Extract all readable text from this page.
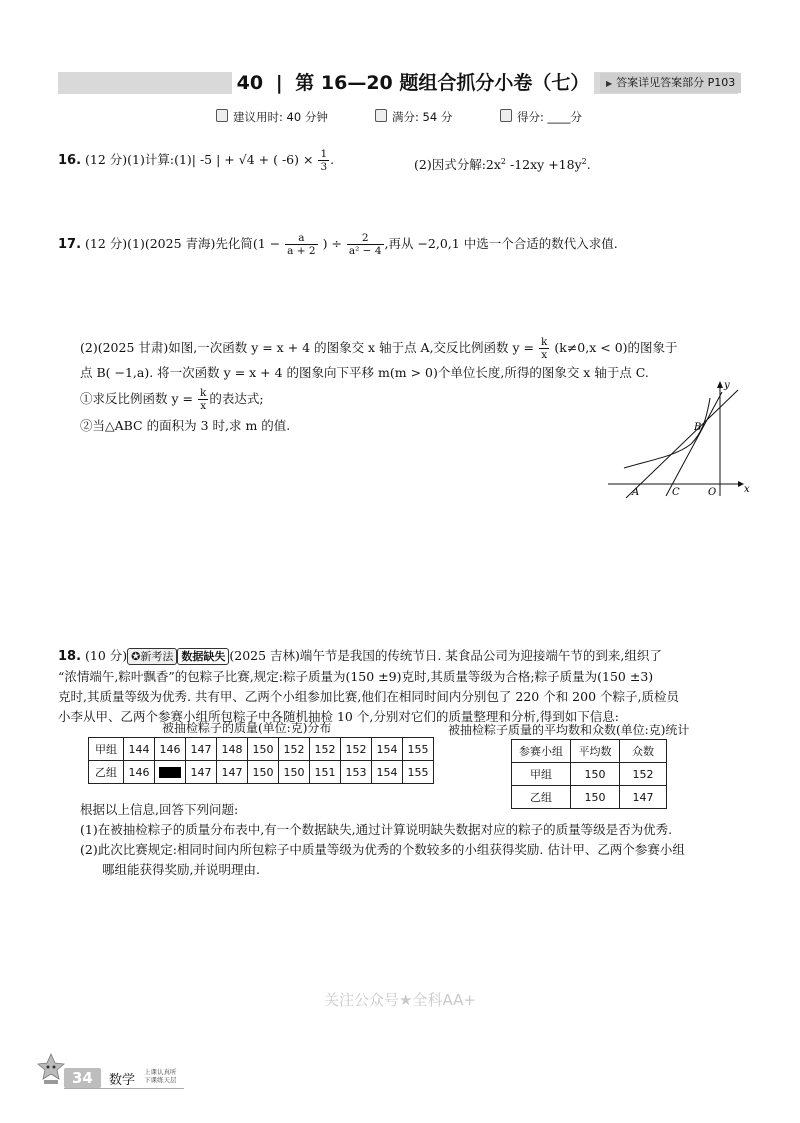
40 | 第 16—20 题组合抓分小卷（七）	▶ 答案详见答案部分 P103
建议用时: 40 分钟	满分: 54 分	得分: ____分
16. (12 分)(1)计算:(1)| -5 | + √4 + ( $-6) \times \frac{1}{3}$ .	(2)因式分解$:2x^2$ $-12xy +18y^2$.
17. (12 分)(1)(2025 青海)先化简($1 - \frac{a}{a + 2}$ ) ÷ $\frac{2}{\text{a² − 4}}$ ,再从 −2,0,1 中选一个合适的数代入求值.
(2)(2025 甘肃)如图,一次函数 y = x + 4 的图象交 x 轴于点 A,交反比例函数 $y = \frac{k}{x} (k\ne 0,x < 0)$的图象于
点 B( −1,a). 将一次函数 y = x + 4 的图象向下平移 m(m > 0)个单位长度,所得的图象交 x 轴于点 C.
①求反比例函数 $y = \frac{k}{x}$ 的表达式;
②当△ABC 的面积为 3 时,求 m 的值.
x
y
A
B
C	O
18. (10 分) ✪新考法 数据缺失 (2025 吉林)端午节是我国的传统节日. 某食品公司为迎接端午节的到来,组织了
“浓情端午,粽叶飘香”的包粽子比赛,规定:粽子质量为(150 ±9)克时,其质量等级为合格;粽子质量为(150 ±3)
克时,其质量等级为优秀. 共有甲、乙两个小组参加比赛,他们在相同时间内分别包了 220 个和 200 个粽子,质检员
小李从甲、乙两个参赛小组所包粽子中各随机抽检 10 个,分别对它们的质量整理和分析,得到如下信息:
被抽检粽子的质量(单位:克)分布
甲组	144	146	147	148	150	152	152	152	154	155
乙组	146		147	147	150	150	151	153	154	155
被抽检粽子质量的平均数和众数(单位:克)统计
参赛小组	平均数	众数
甲组	150	152
乙组	150	147
根据以上信息,回答下列问题:
(1)在被抽检粽子的质量分布表中,有一个数据缺失,通过计算说明缺失数据对应的粽子的质量等级是否为优秀.
(2)此次比赛规定:相同时间内所包粽子中质量等级为优秀的个数较多的小组获得奖励. 估计甲、乙两个参赛小组
哪组能获得奖励,并说明理由.
关注公众号★全科AA+
34	数学
上课认真听
下课练天层
